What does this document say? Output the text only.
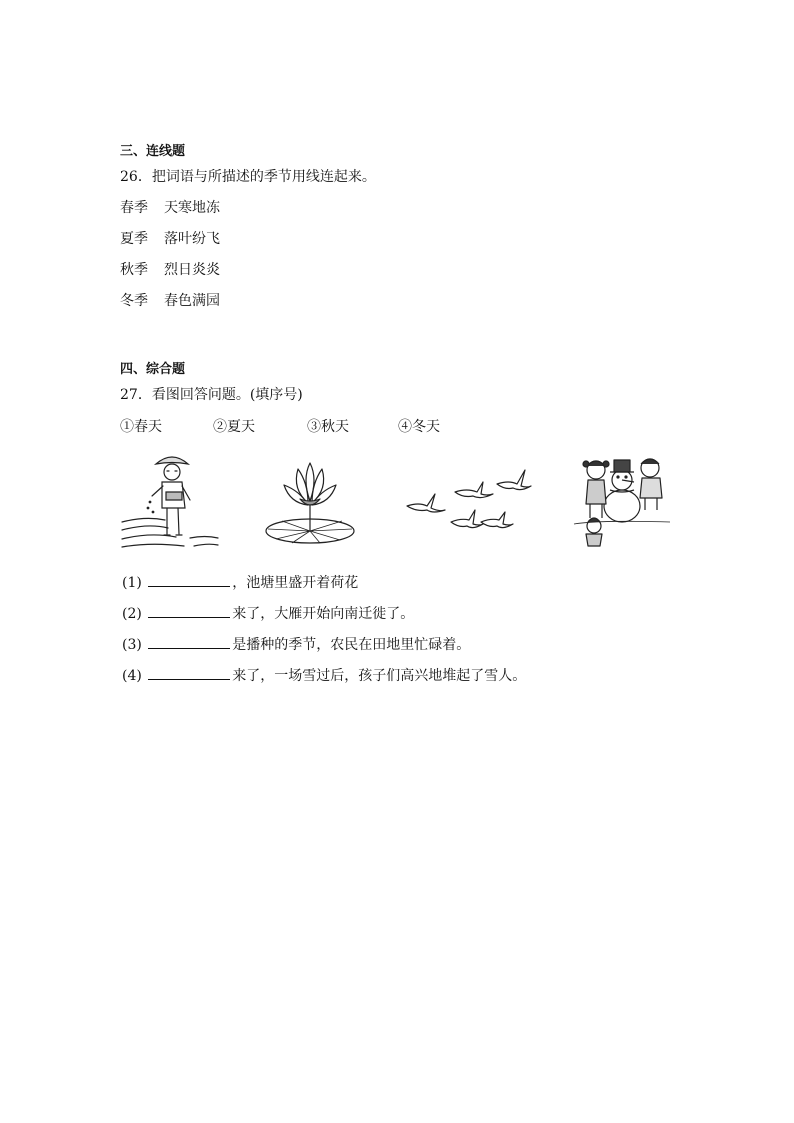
三、连线题
26．把词语与所描述的季节用线连起来。
春季 天寒地冻
夏季 落叶纷飞
秋季 烈日炎炎
冬季 春色满园
四、综合题
27．看图回答问题。(填序号)
①春天	②夏天	③秋天	④冬天
(1)	，池塘里盛开着荷花
(2)	来了，大雁开始向南迁徙了。
(3)	是播种的季节，农民在田地里忙碌着。
(4)	来了，一场雪过后，孩子们高兴地堆起了雪人。
